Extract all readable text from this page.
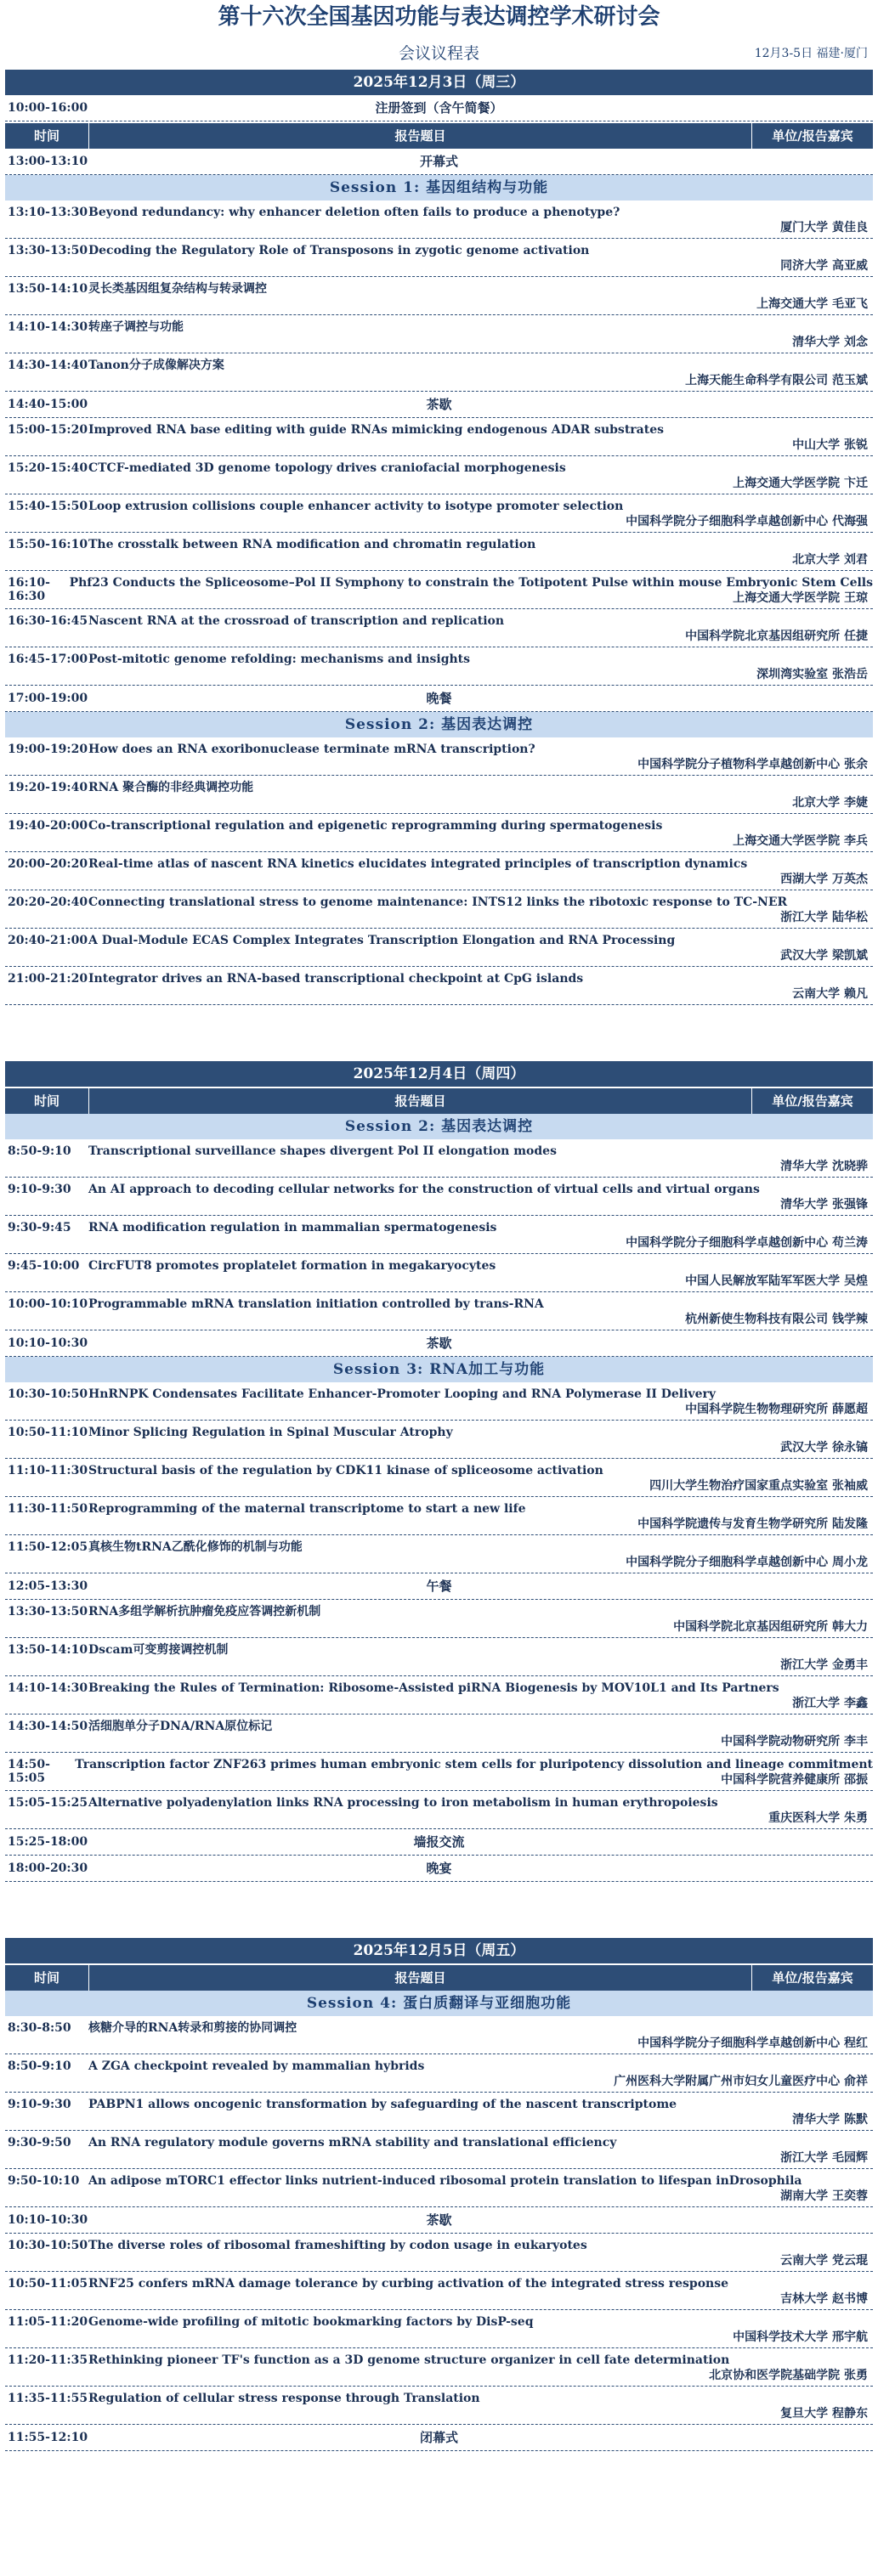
第十六次全国基因功能与表达调控学术研讨会
会议议程表	12月3-5日 福建·厦门
2025年12月3日（周三）
10:00-16:00	注册签到（含午简餐）
时间	报告题目	单位/报告嘉宾
13:00-13:10	开幕式
Session 1: 基因组结构与功能
13:10-13:30 Beyond redundancy: why enhancer deletion often fails to produce a phenotype?
厦门大学 黄佳良
13:30-13:50 Decoding the Regulatory Role of Transposons in zygotic genome activation
同济大学 高亚威
13:50-14:10 灵长类基因组复杂结构与转录调控
上海交通大学 毛亚飞
14:10-14:30 转座子调控与功能
清华大学 刘念
14:30-14:40 Tanon分子成像解决方案
上海天能生命科学有限公司 范玉斌
14:40-15:00	茶歇
15:00-15:20 Improved RNA base editing with guide RNAs mimicking endogenous ADAR substrates
中山大学 张锐
15:20-15:40 CTCF-mediated 3D genome topology drives craniofacial morphogenesis
上海交通大学医学院 卞迁
15:40-15:50 Loop extrusion collisions couple enhancer activity to isotype promoter selection
中国科学院分子细胞科学卓越创新中心 代海强
15:50-16:10 The crosstalk between RNA modification and chromatin regulation
北京大学 刘君
16:10-16:30
Phf23 Conducts the Spliceosome–Pol II Symphony to constrain the Totipotent Pulse within mouse Embryonic Stem Cells
上海交通大学医学院 王琼
16:30-16:45 Nascent RNA at the crossroad of transcription and replication
中国科学院北京基因组研究所 任捷
16:45-17:00 Post-mitotic genome refolding: mechanisms and insights
深圳湾实验室 张浩岳
17:00-19:00	晚餐
Session 2: 基因表达调控
19:00-19:20 How does an RNA exoribonuclease terminate mRNA transcription?
中国科学院分子植物科学卓越创新中心 张余
19:20-19:40 RNA 聚合酶的非经典调控功能
北京大学 李婕
19:40-20:00 Co-transcriptional regulation and epigenetic reprogramming during spermatogenesis
上海交通大学医学院 李兵
20:00-20:20 Real-time atlas of nascent RNA kinetics elucidates integrated principles of transcription dynamics
西湖大学 万英杰
20:20-20:40 Connecting translational stress to genome maintenance: INTS12 links the ribotoxic response to TC-NER
浙江大学 陆华松
20:40-21:00 A Dual-Module ECAS Complex Integrates Transcription Elongation and RNA Processing
武汉大学 梁凯斌
21:00-21:20 Integrator drives an RNA-based transcriptional checkpoint at CpG islands
云南大学 赖凡
2025年12月4日（周四）
时间	报告题目	单位/报告嘉宾
Session 2: 基因表达调控
8:50-9:10	Transcriptional surveillance shapes divergent Pol II elongation modes
清华大学 沈晓骅
9:10-9:30	An AI approach to decoding cellular networks for the construction of virtual cells and virtual organs
清华大学 张强锋
9:30-9:45	RNA modification regulation in mammalian spermatogenesis
中国科学院分子细胞科学卓越创新中心 苟兰涛
9:45-10:00 CircFUT8 promotes proplatelet formation in megakaryocytes
中国人民解放军陆军军医大学 吴煌
10:00-10:10 Programmable mRNA translation initiation controlled by trans-RNA
杭州新使生物科技有限公司 钱学辣
10:10-10:30	茶歇
Session 3: RNA加工与功能
10:30-10:50 HnRNPK Condensates Facilitate Enhancer-Promoter Looping and RNA Polymerase II Delivery
中国科学院生物物理研究所 薛愿超
10:50-11:10 Minor Splicing Regulation in Spinal Muscular Atrophy
武汉大学 徐永镐
11:10-11:30 Structural basis of the regulation by CDK11 kinase of spliceosome activation
四川大学生物治疗国家重点实验室 张袖威
11:30-11:50 Reprogramming of the maternal transcriptome to start a new life
中国科学院遗传与发育生物学研究所 陆发隆
11:50-12:05 真核生物tRNA乙酰化修饰的机制与功能
中国科学院分子细胞科学卓越创新中心 周小龙
12:05-13:30	午餐
13:30-13:50 RNA多组学解析抗肿瘤免疫应答调控新机制
中国科学院北京基因组研究所 韩大力
13:50-14:10 Dscam可变剪接调控机制
浙江大学 金勇丰
14:10-14:30 Breaking the Rules of Termination: Ribosome-Assisted piRNA Biogenesis by MOV10L1 and Its Partners
浙江大学 李鑫
14:30-14:50 活细胞单分子DNA/RNA原位标记
中国科学院动物研究所 李丰
14:50-15:05
Transcription factor ZNF263 primes human embryonic stem cells for pluripotency dissolution and lineage commitment
中国科学院营养健康所 邵振
15:05-15:25 Alternative polyadenylation links RNA processing to iron metabolism in human erythropoiesis
重庆医科大学 朱勇
15:25-18:00	墙报交流
18:00-20:30	晚宴
2025年12月5日（周五）
时间	报告题目	单位/报告嘉宾
Session 4: 蛋白质翻译与亚细胞功能
8:30-8:50	核糖介导的RNA转录和剪接的协同调控
中国科学院分子细胞科学卓越创新中心 程红
8:50-9:10	A ZGA checkpoint revealed by mammalian hybrids
广州医科大学附属广州市妇女儿童医疗中心 俞祥
9:10-9:30	PABPN1 allows oncogenic transformation by safeguarding of the nascent transcriptome
清华大学 陈默
9:30-9:50	An RNA regulatory module governs mRNA stability and translational efficiency
浙江大学 毛园辉
9:50-10:10 An adipose mTORC1 effector links nutrient-induced ribosomal protein translation to lifespan inDrosophila
湖南大学 王奕蓉
10:10-10:30	茶歇
10:30-10:50 The diverse roles of ribosomal frameshifting by codon usage in eukaryotes
云南大学 党云琨
10:50-11:05 RNF25 confers mRNA damage tolerance by curbing activation of the integrated stress response
吉林大学 赵书博
11:05-11:20 Genome-wide profiling of mitotic bookmarking factors by DisP-seq
中国科学技术大学 邢宇航
11:20-11:35 Rethinking pioneer TF's function as a 3D genome structure organizer in cell fate determination
北京协和医学院基础学院 张勇
11:35-11:55 Regulation of cellular stress response through Translation
复旦大学 程静东
11:55-12:10	闭幕式
